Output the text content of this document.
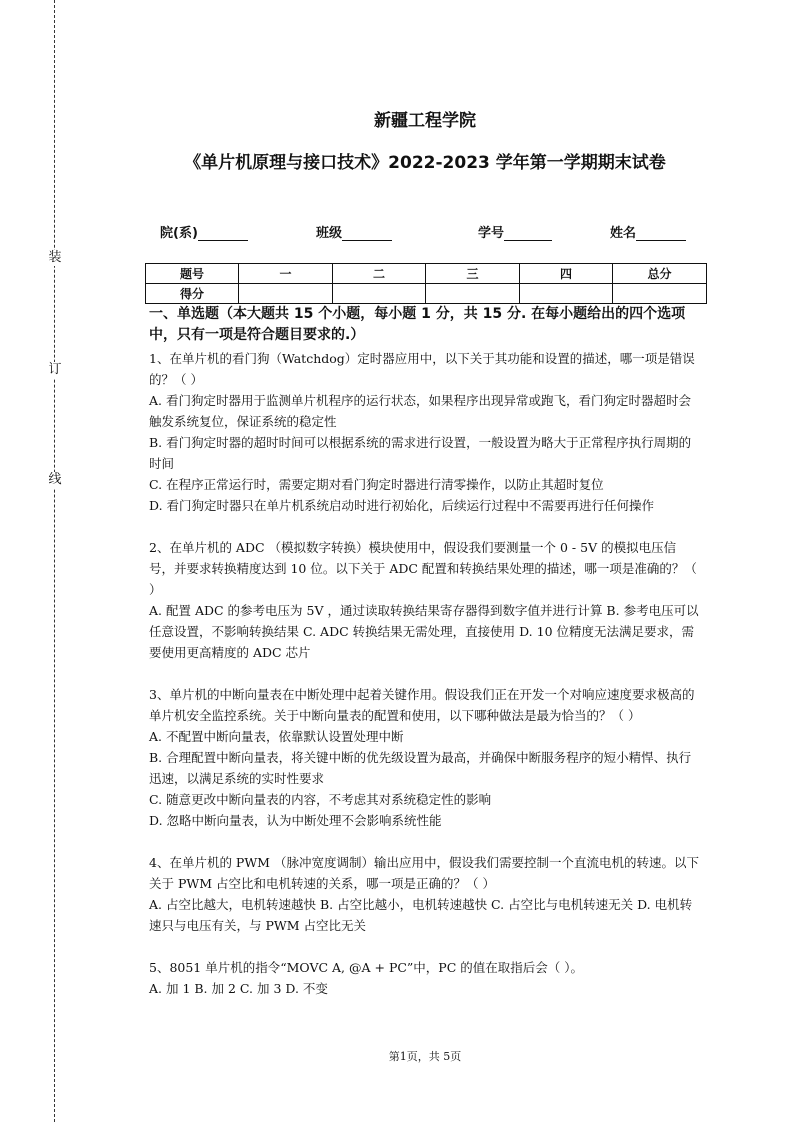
装
订
线
新疆工程学院
《单片机原理与接口技术》2022-2023 学年第一学期期末试卷
院(系)	班级	学号	姓名
题号	一	二	三	四	总分
得分					
一、单选题（本大题共 15 个小题，每小题 1 分，共 15 分. 在每小题给出的四个选项中，只有一项是符合题目要求的.）

1、在单片机的看门狗（Watchdog）定时器应用中，以下关于其功能和设置的描述，哪一项是错误的？（ ）

A. 看门狗定时器用于监测单片机程序的运行状态，如果程序出现异常或跑飞，看门狗定时器超时会触发系统复位，保证系统的稳定性

B. 看门狗定时器的超时时间可以根据系统的需求进行设置，一般设置为略大于正常程序执行周期的时间

C. 在程序正常运行时，需要定期对看门狗定时器进行清零操作，以防止其超时复位

D. 看门狗定时器只在单片机系统启动时进行初始化，后续运行过程中不需要再进行任何操作

2、在单片机的 ADC （模拟数字转换）模块使用中，假设我们要测量一个 0 - 5V 的模拟电压信号，并要求转换精度达到 10 位。以下关于 ADC 配置和转换结果处理的描述，哪一项是准确的？（ ）

A. 配置 ADC 的参考电压为 5V ，通过读取转换结果寄存器得到数字值并进行计算 B. 参考电压可以任意设置，不影响转换结果 C. ADC 转换结果无需处理，直接使用 D. 10 位精度无法满足要求，需要使用更高精度的 ADC 芯片

3、单片机的中断向量表在中断处理中起着关键作用。假设我们正在开发一个对响应速度要求极高的单片机安全监控系统。关于中断向量表的配置和使用，以下哪种做法是最为恰当的？（ ）

A. 不配置中断向量表，依靠默认设置处理中断

B. 合理配置中断向量表，将关键中断的优先级设置为最高，并确保中断服务程序的短小精悍、执行迅速，以满足系统的实时性要求

C. 随意更改中断向量表的内容，不考虑其对系统稳定性的影响

D. 忽略中断向量表，认为中断处理不会影响系统性能

4、在单片机的 PWM （脉冲宽度调制）输出应用中，假设我们需要控制一个直流电机的转速。以下关于 PWM 占空比和电机转速的关系，哪一项是正确的？（ ）

A. 占空比越大，电机转速越快 B. 占空比越小，电机转速越快 C. 占空比与电机转速无关 D. 电机转速只与电压有关，与 PWM 占空比无关

5、8051 单片机的指令“MOVC A, @A + PC”中，PC 的值在取指后会（ ）。

A. 加 1 B. 加 2 C. 加 3 D. 不变

第1页，共 5页
